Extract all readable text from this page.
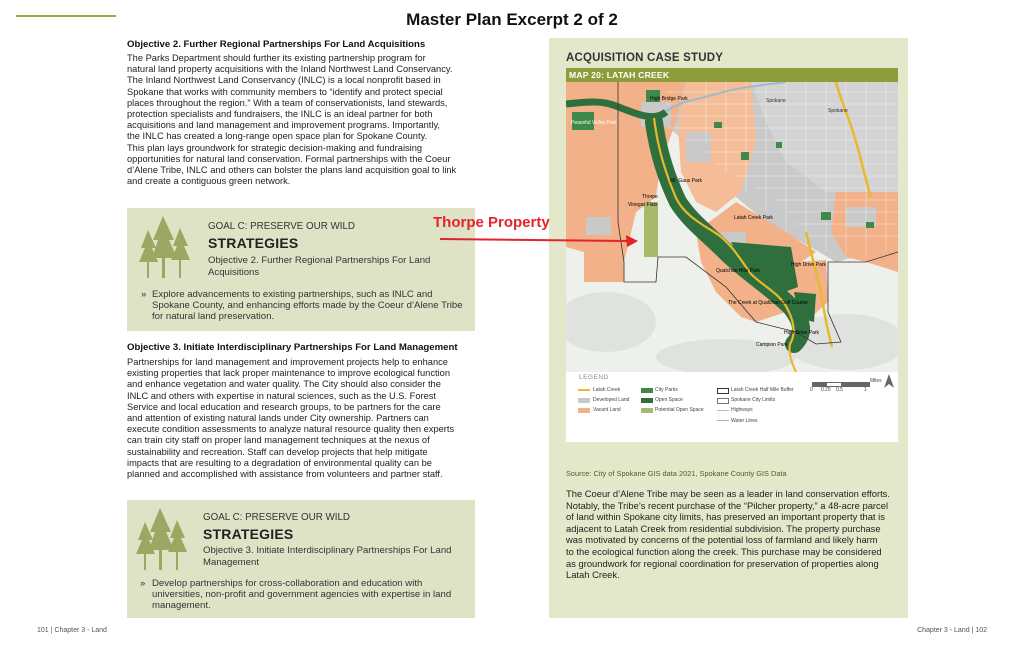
Master Plan Excerpt 2 of 2
Objective 2. Further Regional Partnerships For Land Acquisitions
The Parks Department should further its existing partnership program for
natural land property acquisitions with the Inland Northwest Land Conservancy.
The Inland Northwest Land Conservancy (INLC) is a local nonprofit based in
Spokane that works with community members to “identify and protect special
places throughout the region.” With a team of conservationists, land stewards,
protection specialists and fundraisers, the INLC is an ideal partner for both
acquisitions and land management and improvement programs. Importantly,
the INLC has created a long-range open space plan for Spokane County.
This plan lays groundwork for strategic decision-making and fundraising
opportunities for natural land conservation. Formal partnerships with the Coeur
d’Alene Tribe, INLC and others can bolster the plans land acquisition goal to link
and create a contiguous green network.
GOAL C: PRESERVE OUR WILD
STRATEGIES
Objective 2. Further Regional Partnerships For Land
Acquisitions
» Explore advancements to existing partnerships, such as INLC and
Spokane County, and enhancing efforts made by the Coeur d’Alene Tribe
for natural land preservation.
Objective 3. Initiate Interdisciplinary Partnerships For Land Management
Partnerships for land management and improvement projects help to enhance
existing properties that lack proper maintenance to improve ecological function
and enhance vegetation and water quality. The City should also consider the
INLC and others with expertise in natural sciences, such as the U.S. Forest
Service and local education and research groups, to be partners for the care
and attention of existing natural lands under City ownership. Partners can
execute condition assessments to analyze natural resource quality then experts
can train city staff on proper land management techniques at the nexus of
sustainability and recreation. Staff can develop projects that help mitigate
impacts that are resulting to a degradation of environmental quality can be
planned and accomplished with assistance from volunteers and partner staff.
GOAL C: PRESERVE OUR WILD
STRATEGIES
Objective 3. Initiate Interdisciplinary Partnerships For Land
Management
» Develop partnerships for cross-collaboration and education with
universities, non-profit and government agencies with expertise in land
management.
101 | Chapter 3 - Land
ACQUISITION CASE STUDY
MAP 20: LATAH CREEK
Spokane
Spokane
High Bridge Park
Peaceful Valley Park
Vinegar Flats
Mt. Gaus Park
Latah Creek Park
High Drive Park
Qualchan Hills Park
The Creek at Qualchan Golf Course
High Drive Park
Campion Park
Thorpe
LEGEND
Latah Creek
Developed Land
Vacant Land
City Parks
Open Space
Potential Open Space
Latah Creek Half Mile Buffer
Spokane City Limits
Highways
Water Lines
0 0.25 0.5	1
Miles
Source: City of Spokane GIS data 2021, Spokane County GIS Data
The Coeur d’Alene Tribe may be seen as a leader in land conservation efforts.
Notably, the Tribe’s recent purchase of the “Pilcher property,” a 48-acre parcel
of land within Spokane city limits, has preserved an important property that is
adjacent to Latah Creek from residential subdivision. The property purchase
was motivated by concerns of the potential loss of farmland and likely harm
to the ecological function along the creek. This purchase may be considered
as groundwork for regional coordination for preservation of properties along
Latah Creek.
Chapter 3 - Land | 102
Thorpe Property
